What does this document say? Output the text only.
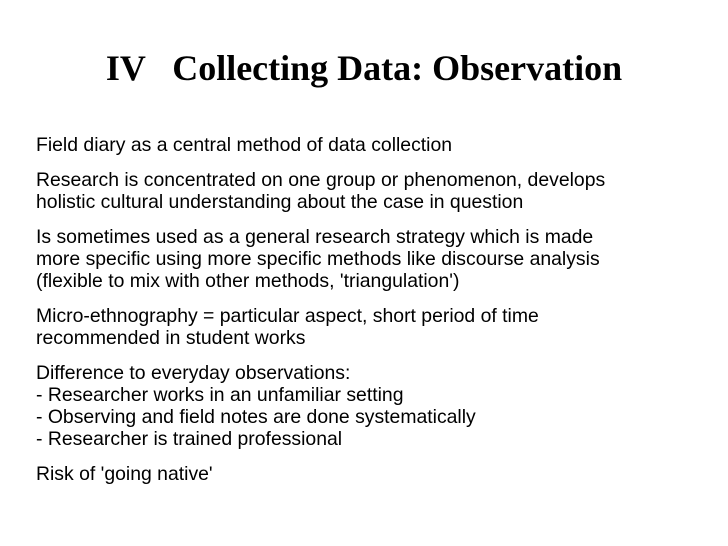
IV   Collecting Data: Observation
Field diary as a central method of data collection
Research is concentrated on one group or phenomenon, develops
holistic cultural understanding about the case in question
Is sometimes used as a general research strategy which is made
more specific using more specific methods like discourse analysis
(flexible to mix with other methods, 'triangulation')
Micro-ethnography = particular aspect, short period of time
recommended in student works
Difference to everyday observations:
- Researcher works in an unfamiliar setting
- Observing and field notes are done systematically
- Researcher is trained professional
Risk of 'going native'
